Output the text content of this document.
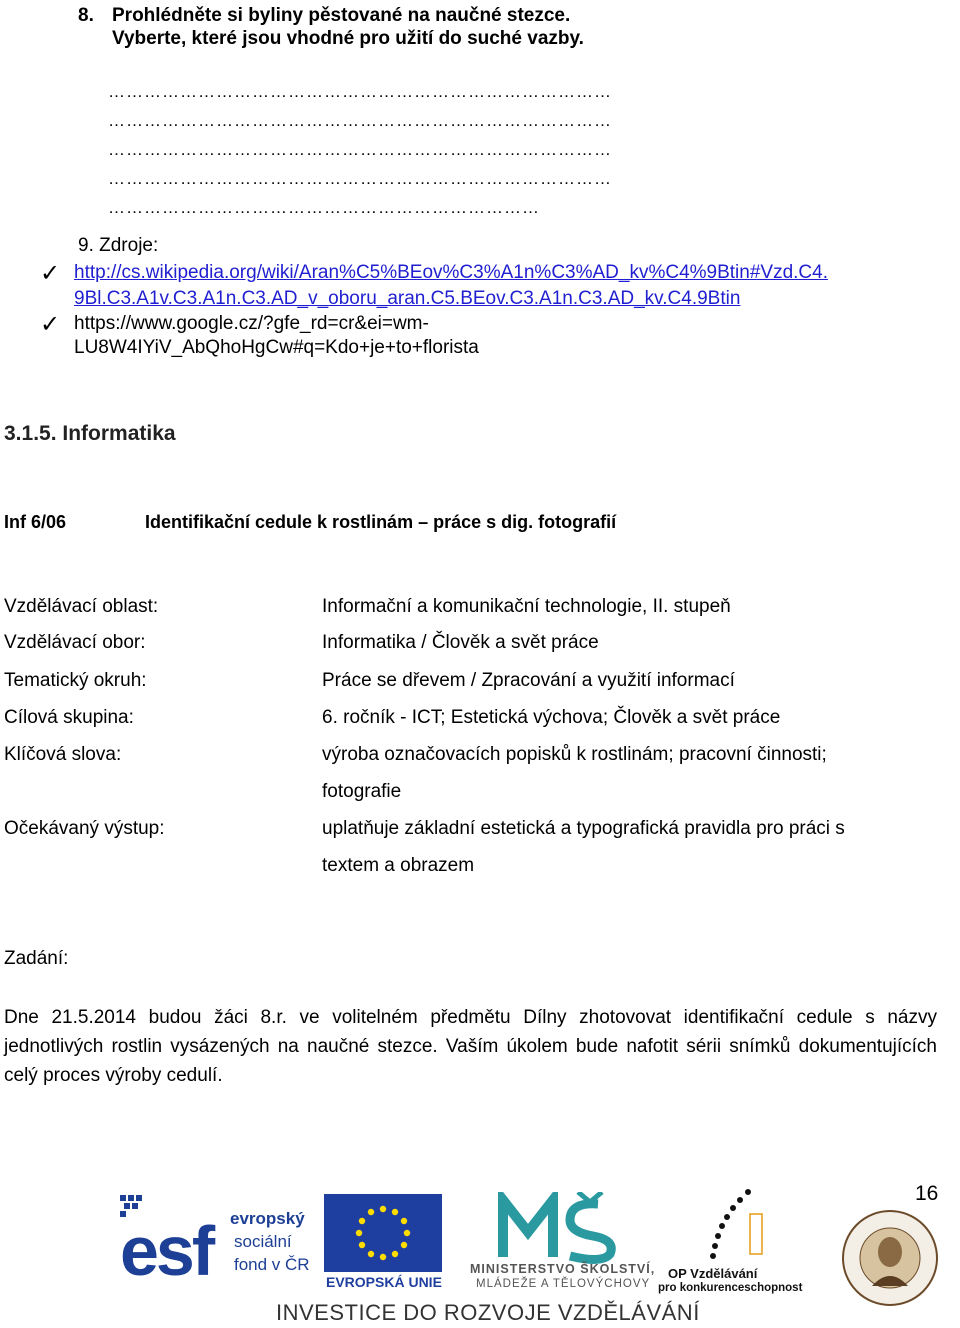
8. Prohlédněte si byliny pěstované na naučné stezce.
Vyberte, které jsou vhodné pro užití do suché vazby.
…………………………………………………………………………
…………………………………………………………………………
…………………………………………………………………………
…………………………………………………………………………
………………………………………………………………
9. Zdroje:
✓ http://cs.wikipedia.org/wiki/Aran%C5%BEov%C3%A1n%C3%AD_kv%C4%9Btin#Vzd.C4.
9Bl.C3.A1v.C3.A1n.C3.AD_v_oboru_aran.C5.BEov.C3.A1n.C3.AD_kv.C4.9Btin
✓ https://www.google.cz/?gfe_rd=cr&ei=wm-
LU8W4IYiV_AbQhoHgCw#q=Kdo+je+to+florista
3.1.5. Informatika
Inf 6/06	Identifikační cedule k rostlinám – práce s dig. fotografií
Vzdělávací oblast:	Informační a komunikační technologie, II. stupeň
Vzdělávací obor:	Informatika / Člověk a svět práce
Tematický okruh:	Práce se dřevem / Zpracování a využití informací
Cílová skupina:	6. ročník - ICT; Estetická výchova; Člověk a svět práce
Klíčová slova:	výroba označovacích popisků k rostlinám; pracovní činnosti;
fotografie
Očekávaný výstup:	uplatňuje základní estetická a typografická pravidla pro práci s
textem a obrazem
Zadání:
Dne 21.5.2014 budou žáci 8.r. ve volitelném předmětu Dílny zhotovovat identifikační cedule s názvy jednotlivých rostlin vysázených na naučné stezce. Vaším úkolem bude nafotit sérii snímků dokumentujících celý proces výroby cedulí.
16
esf evropský
sociální
fond v ČR
EVROPSKÁ UNIE
MINISTERSTVO ŠKOLSTVÍ,
MLÁDEŽE A TĚLOVÝCHOVY
OP Vzdělávání
pro konkurenceschopnost
INVESTICE DO ROZVOJE VZDĚLÁVÁNÍ
